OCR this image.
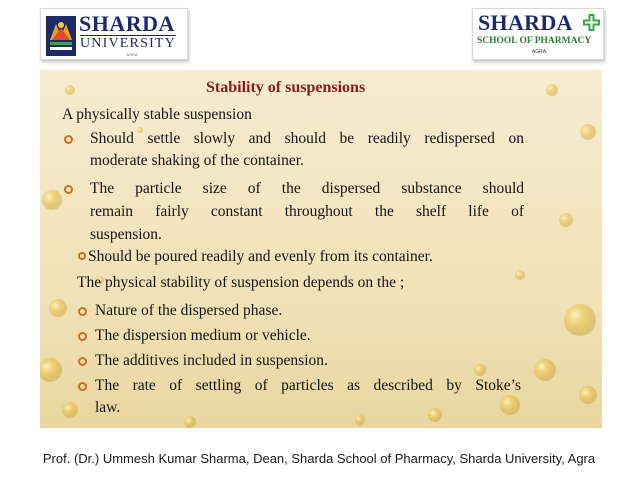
SHARDA
UNIVERSITY
AGRA
SHARDA
SCHOOL OF PHARMACY
AGRA
Stability of suspensions
A physically stable suspension
Should settle slowly and should be readily redispersed on
moderate shaking of the container.
The particle size of the dispersed substance should
remain fairly constant throughout the shelf life of
suspension.
Should be poured readily and evenly from its container.
The physical stability of suspension depends on the ;
Nature of the dispersed phase.
The dispersion medium or vehicle.
The additives included in suspension.
The rate of settling of particles as described by Stoke’s
law.
Prof. (Dr.) Ummesh Kumar Sharma, Dean, Sharda School of Pharmacy, Sharda University, Agra
